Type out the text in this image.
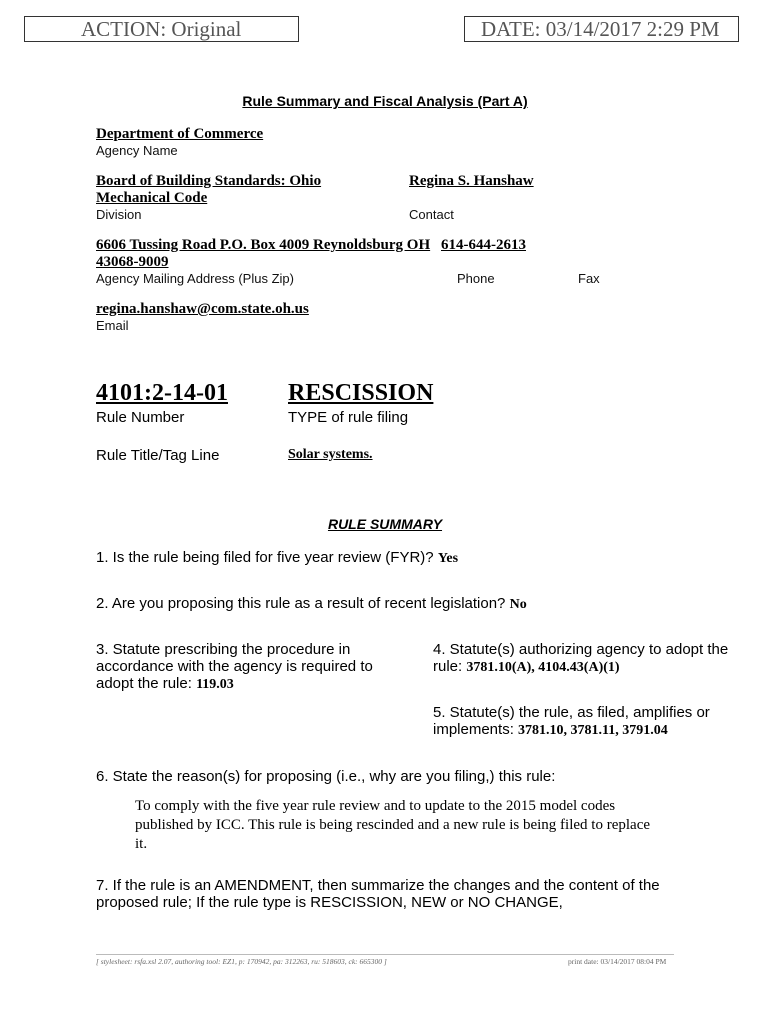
ACTION: Original	DATE: 03/14/2017 2:29 PM
Rule Summary and Fiscal Analysis (Part A)
Department of Commerce
Agency Name
Board of Building Standards: Ohio Mechanical Code
Division
Regina S. Hanshaw
Contact
6606 Tussing Road P.O. Box 4009 Reynoldsburg OH 43068-9009
614-644-2613
Agency Mailing Address (Plus Zip)	Phone	Fax
regina.hanshaw@com.state.oh.us
Email
4101:2-14-01
Rule Number
RESCISSION
TYPE of rule filing
Rule Title/Tag Line	Solar systems.
RULE SUMMARY
1. Is the rule being filed for five year review (FYR)? Yes
2. Are you proposing this rule as a result of recent legislation? No
3. Statute prescribing the procedure in accordance with the agency is required to adopt the rule: 119.03
4. Statute(s) authorizing agency to adopt the rule: 3781.10(A), 4104.43(A)(1)
5. Statute(s) the rule, as filed, amplifies or implements: 3781.10, 3781.11, 3791.04
6. State the reason(s) for proposing (i.e., why are you filing,) this rule:
To comply with the five year rule review and to update to the 2015 model codes published by ICC. This rule is being rescinded and a new rule is being filed to replace it.
7. If the rule is an AMENDMENT, then summarize the changes and the content of the proposed rule; If the rule type is RESCISSION, NEW or NO CHANGE,
[ stylesheet: rsfa.xsl 2.07, authoring tool: EZ1, p: 170942, pa: 312263, ru: 518603, ck: 665300 ]	print date: 03/14/2017 08:04 PM
